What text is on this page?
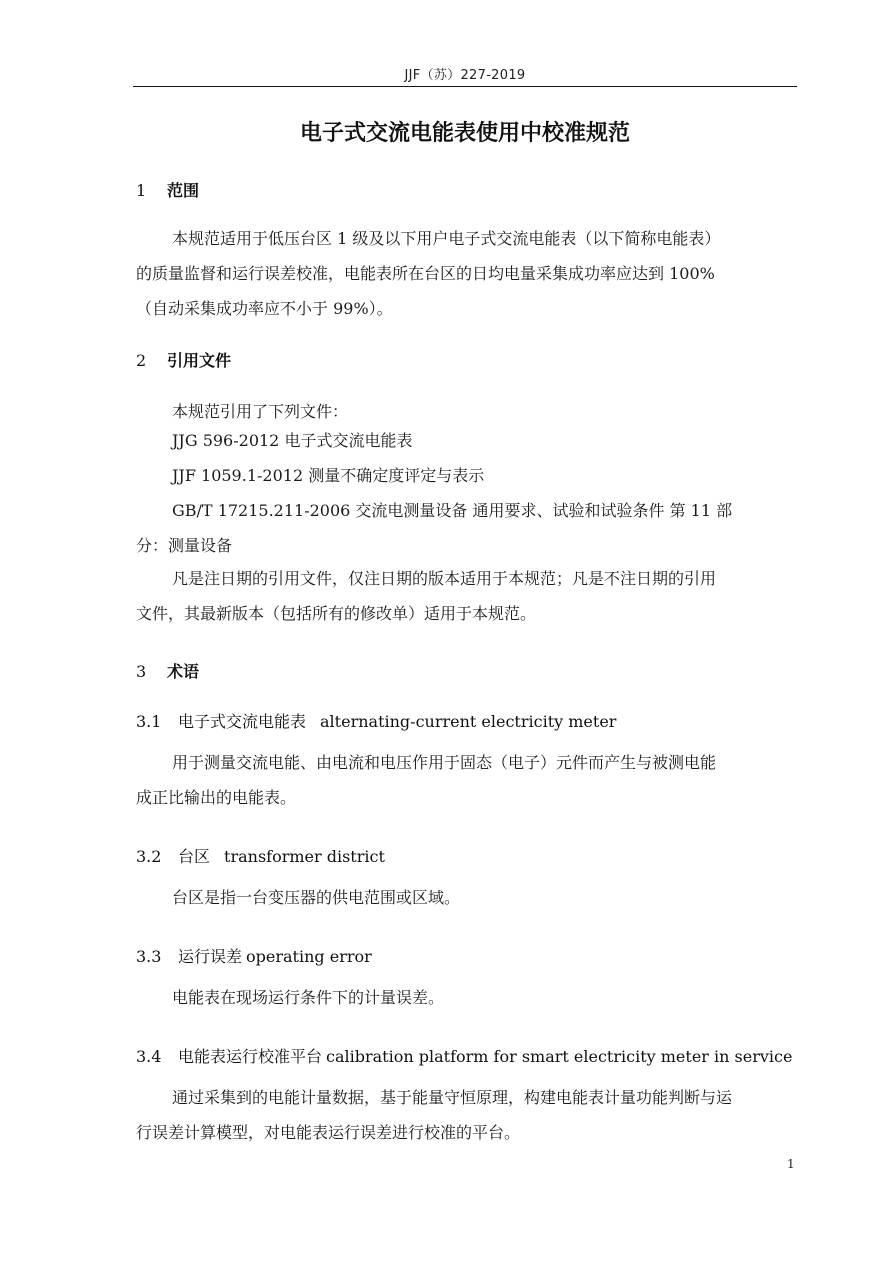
JJF（苏）227-2019
电子式交流电能表使用中校准规范
1 范围
本规范适用于低压台区 1 级及以下用户电子式交流电能表（以下简称电能表）
的质量监督和运行误差校准，电能表所在台区的日均电量采集成功率应达到 100%
（自动采集成功率应不小于 99%）。
2 引用文件
本规范引用了下列文件：
JJG 596-2012 电子式交流电能表
JJF 1059.1-2012 测量不确定度评定与表示
GB/T 17215.211-2006 交流电测量设备 通用要求、试验和试验条件 第 11 部
分：测量设备
凡是注日期的引用文件，仅注日期的版本适用于本规范；凡是不注日期的引用
文件，其最新版本（包括所有的修改单）适用于本规范。
3 术语
3.1 电子式交流电能表 alternating-current electricity meter
用于测量交流电能、由电流和电压作用于固态（电子）元件而产生与被测电能
成正比输出的电能表。
3.2 台区 transformer district
台区是指一台变压器的供电范围或区域。
3.3 运行误差 operating error
电能表在现场运行条件下的计量误差。
3.4 电能表运行校准平台 calibration platform for smart electricity meter in service
通过采集到的电能计量数据，基于能量守恒原理，构建电能表计量功能判断与运
行误差计算模型，对电能表运行误差进行校准的平台。
1
